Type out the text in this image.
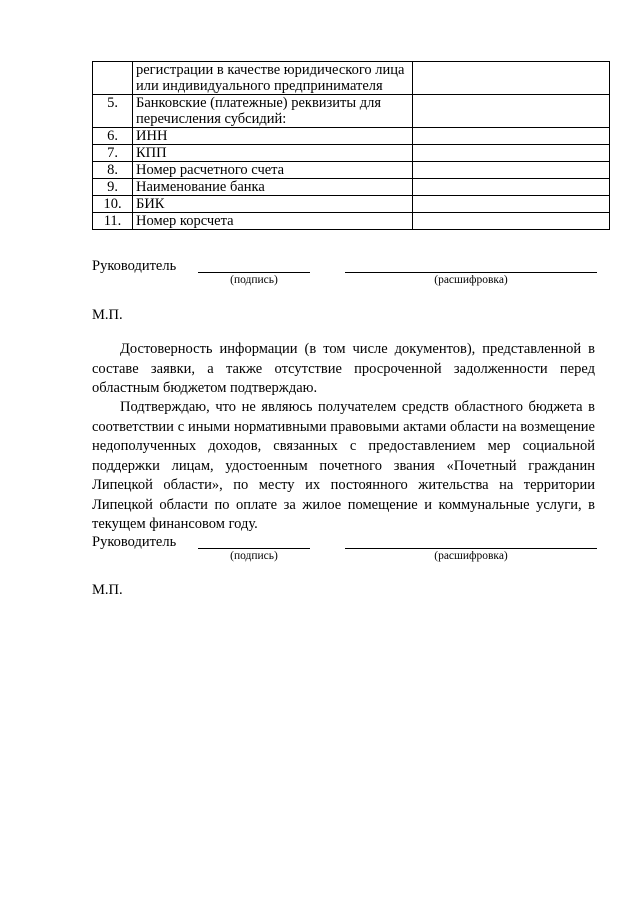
	регистрации в качестве юридического лица или индивидуального предпринимателя	
5.	Банковские (платежные) реквизиты для перечисления субсидий:	
6.	ИНН	
7.	КПП	
8.	Номер расчетного счета	
9.	Наименование банка	
10.	БИК	
11.	Номер корсчета	
Руководитель
(подпись)	(расшифровка)
М.П.

Достоверность информации (в том числе документов), представленной в составе заявки, а также отсутствие просроченной задолженности перед областным бюджетом подтверждаю.

Подтверждаю, что не являюсь получателем средств областного бюджета в соответствии с иными нормативными правовыми актами области на возмещение недополученных доходов, связанных с предоставлением мер социальной поддержки лицам, удостоенным почетного звания «Почетный гражданин Липецкой области», по месту их постоянного жительства на территории Липецкой области по оплате за жилое помещение и коммунальные услуги, в текущем финансовом году.

Руководитель
(подпись)	(расшифровка)
М.П.
